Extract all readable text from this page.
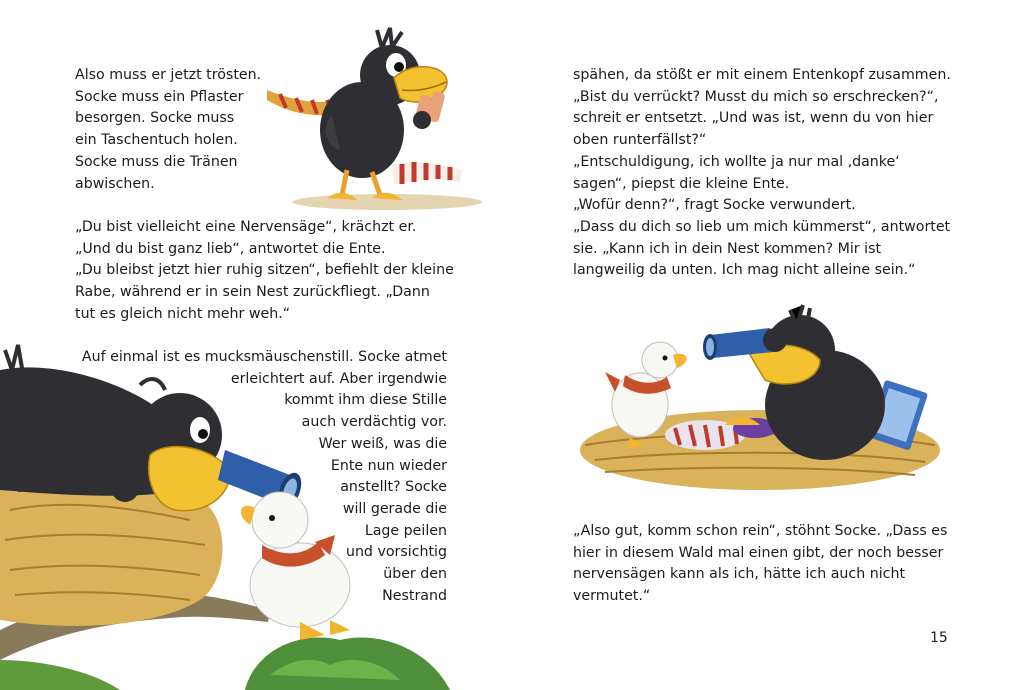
Also muss er jetzt trösten.
Socke muss ein Pflaster
besorgen. Socke muss
ein Taschentuch holen.
Socke muss die Tränen
abwischen.
„Du bist vielleicht eine Nervensäge“, krächzt er.
„Und du bist ganz lieb“, antwortet die Ente.
„Du bleibst jetzt hier ruhig sitzen“, befiehlt der kleine
Rabe, während er in sein Nest zurückfliegt. „Dann
tut es gleich nicht mehr weh.“
Auf einmal ist es mucksmäuschenstill. Socke atmet
erleichtert auf. Aber irgendwie
kommt ihm diese Stille
auch verdächtig vor.
Wer weiß, was die
Ente nun wieder
anstellt? Socke
will gerade die
Lage peilen
und vorsichtig
über den
Nestrand
spähen, da stößt er mit einem Entenkopf zusammen.
„Bist du verrückt? Musst du mich so erschrecken?“,
schreit er entsetzt. „Und was ist, wenn du von hier
oben runterfällst?“
„Entschuldigung, ich wollte ja nur mal ‚danke‘
sagen“, piepst die kleine Ente.
„Wofür denn?“, fragt Socke verwundert.
„Dass du dich so lieb um mich kümmerst“, antwortet
sie. „Kann ich in dein Nest kommen? Mir ist
langweilig da unten. Ich mag nicht alleine sein.“
„Also gut, komm schon rein“, stöhnt Socke. „Dass es
hier in diesem Wald mal einen gibt, der noch besser
nervensägen kann als ich, hätte ich auch nicht
vermutet.“
15
